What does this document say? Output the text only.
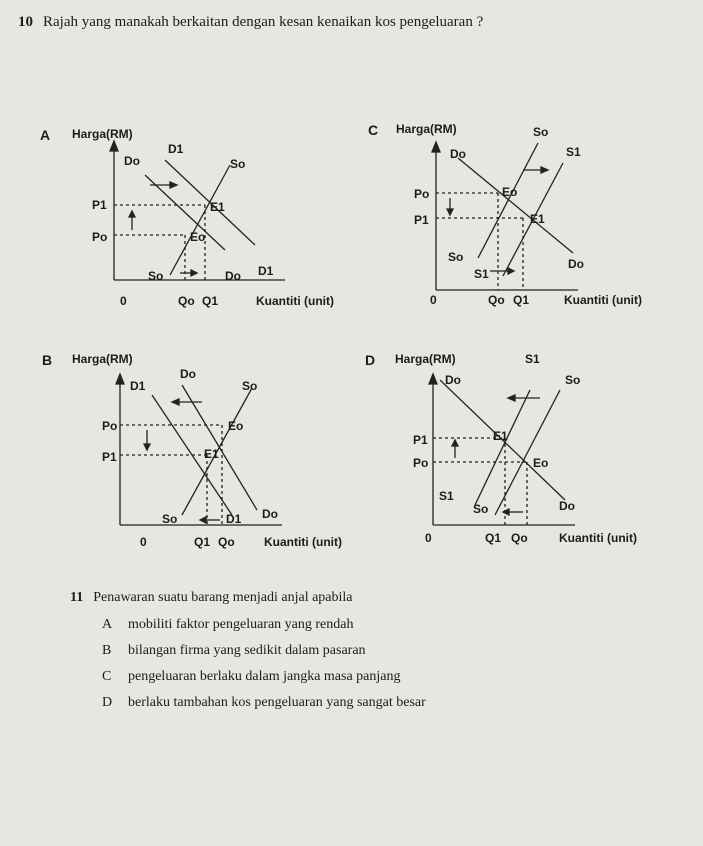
10 Rajah yang manakah berkaitan dengan kesan kenaikan kos pengeluaran ?
A Harga(RM)
D1
Do	So
P1	E1
Po	Eo
So	Do D1
0	Qo Q1	Kuantiti (unit)
C Harga(RM)	So
Do	S1
Po	Eo
P1	E1
So
S1
Do
0	Qo Q1	Kuantiti (unit)
B Harga(RM)
Do
D1	So
Po	Eo
P1	E1
So	D1 Do
0	Q1 Qo Kuantiti (unit)
D Harga(RM)	S1
Do	So
P1	E1
Po	Eo
S1
So	Do
0	Q1 Qo	Kuantiti (unit)
11 Penawaran suatu barang menjadi anjal apabila
A mobiliti faktor pengeluaran yang rendah
B bilangan firma yang sedikit dalam pasaran
C pengeluaran berlaku dalam jangka masa panjang
D berlaku tambahan kos pengeluaran yang sangat besar
